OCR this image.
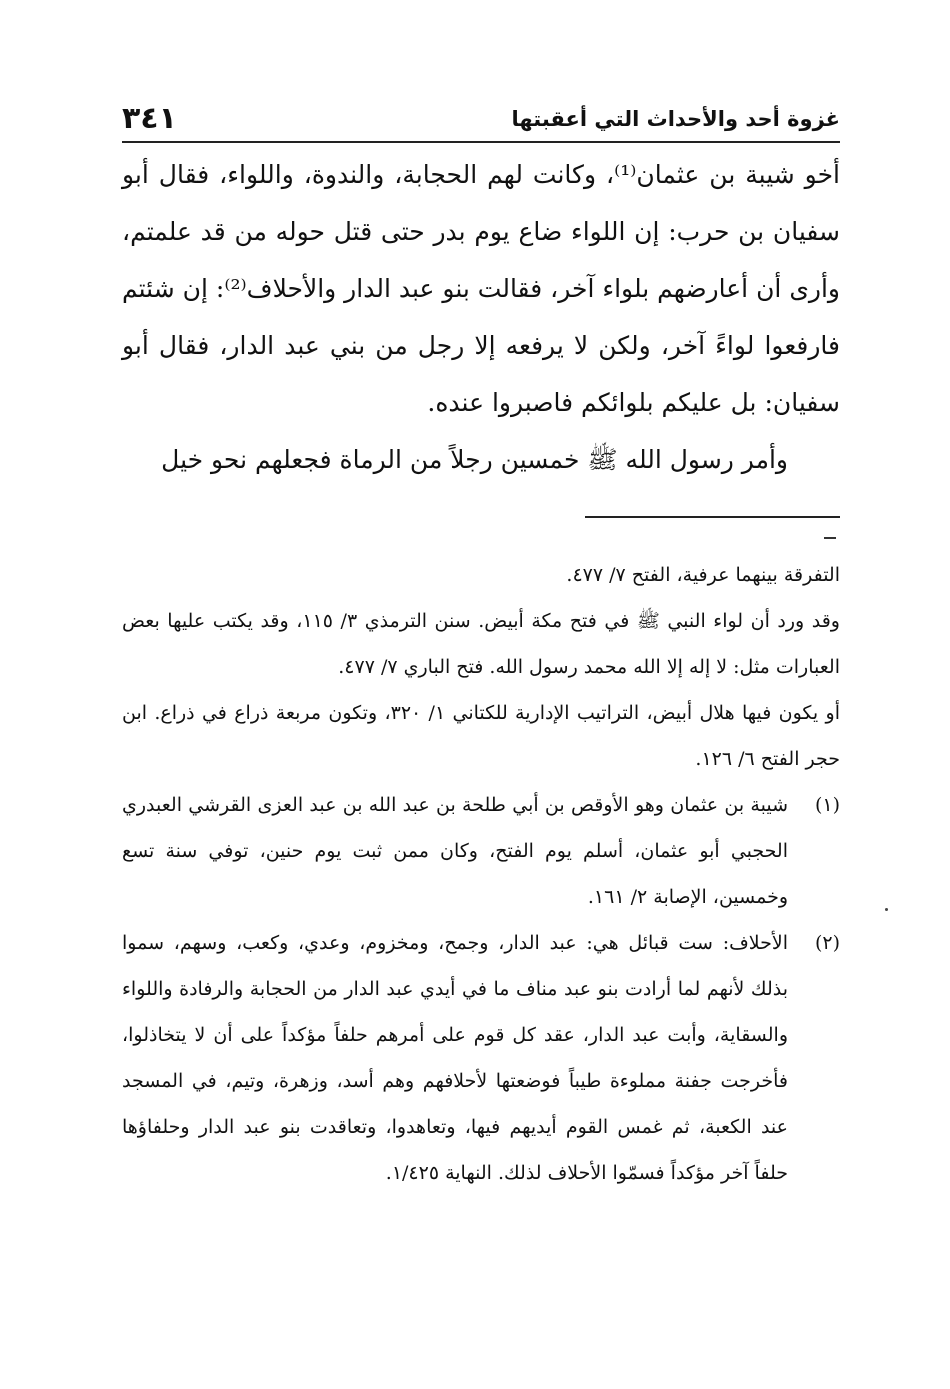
٣٤١	غزوة أحد والأحداث التي أعقبتها

أخو شيبة بن عثمان⁽¹⁾، وكانت لهم الحجابة، والندوة، واللواء، فقال أبو سفيان بن حرب: إن اللواء ضاع يوم بدر حتى قتل حوله من قد علمتم، وأرى أن أعارضهم بلواء آخر، فقالت بنو عبد الدار والأحلاف⁽²⁾: إن شئتم فارفعوا لواءً آخر، ولكن لا يرفعه إلا رجل من بني عبد الدار، فقال أبو سفيان: بل عليكم بلوائكم فاصبروا عنده.

وأمر رسول الله ﷺ خمسين رجلاً من الرماة فجعلهم نحو خيل

التفرقة بينهما عرفية، الفتح ٧/ ٤٧٧.

وقد ورد أن لواء النبي ﷺ في فتح مكة أبيض. سنن الترمذي ٣/ ١١٥، وقد يكتب عليها بعض العبارات مثل: لا إله إلا الله محمد رسول الله. فتح الباري ٧/ ٤٧٧.

أو يكون فيها هلال أبيض، التراتيب الإدارية للكتاني ١/ ٣٢٠، وتكون مربعة ذراع في ذراع. ابن حجر الفتح ٦/ ١٢٦.

(١)
شيبة بن عثمان وهو الأوقص بن أبي طلحة بن عبد الله بن عبد العزى القرشي العبدري الحجبي أبو عثمان، أسلم يوم الفتح، وكان ممن ثبت يوم حنين، توفي سنة تسع وخمسين، الإصابة ٢/ ١٦١.
(٢)
الأحلاف: ست قبائل هي: عبد الدار، وجمح، ومخزوم، وعدي، وكعب، وسهم، سموا بذلك لأنهم لما أرادت بنو عبد مناف ما في أيدي عبد الدار من الحجابة والرفادة واللواء والسقاية، وأبت عبد الدار، عقد كل قوم على أمرهم حلفاً مؤكداً على أن لا يتخاذلوا، فأخرجت جفنة مملوءة طيباً فوضعتها لأحلافهم وهم أسد، وزهرة، وتيم، في المسجد عند الكعبة، ثم غمس القوم أيديهم فيها، وتعاهدوا، وتعاقدت بنو عبد الدار وحلفاؤها حلفاً آخر مؤكداً فسمّوا الأحلاف لذلك. النهاية ١/٤٢٥.
